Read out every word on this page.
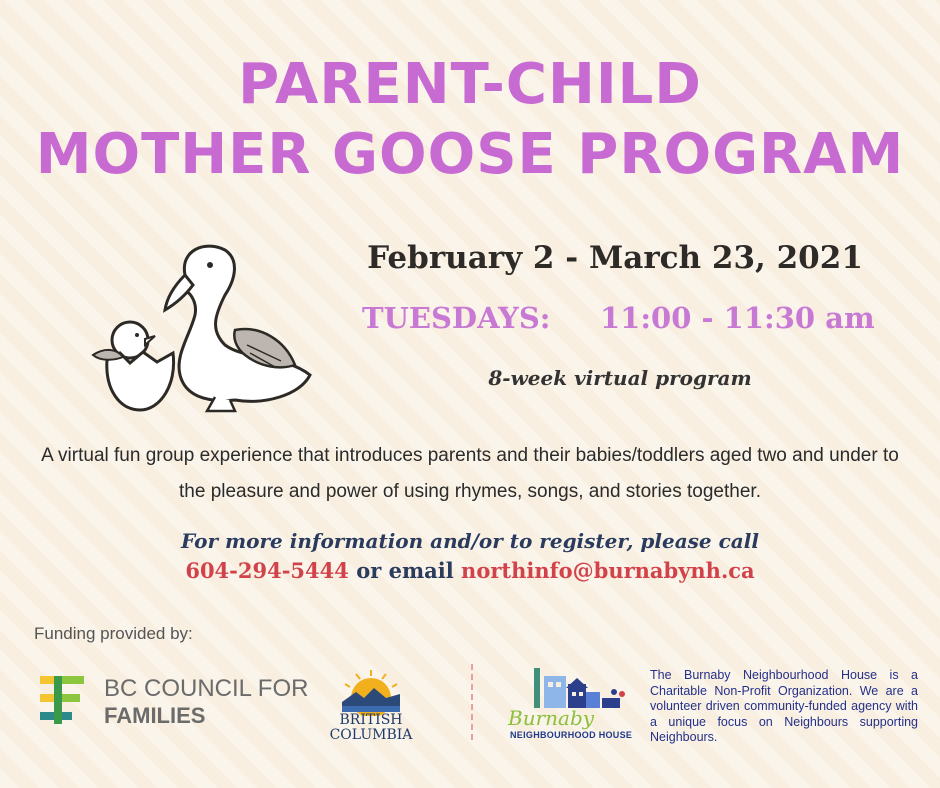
PARENT-CHILD
MOTHER GOOSE PROGRAM
February 2 - March 23, 2021
TUESDAYS: 11:00 - 11:30 am
8-week virtual program
A virtual fun group experience that introduces parents and their babies/toddlers aged two and under to the pleasure and power of using rhymes, songs, and stories together.
For more information and/or to register, please call
604-294-5444 or email northinfo@burnabynh.ca
Funding provided by:
BC COUNCIL FOR
FAMILIES	BRITISH
COLUMBIA
Burnaby
NEIGHBOURHOOD HOUSE
The Burnaby Neighbourhood House is a Charitable Non-Profit Organization. We are a volunteer driven community-funded agency with a unique focus on Neighbours supporting Neighbours.
